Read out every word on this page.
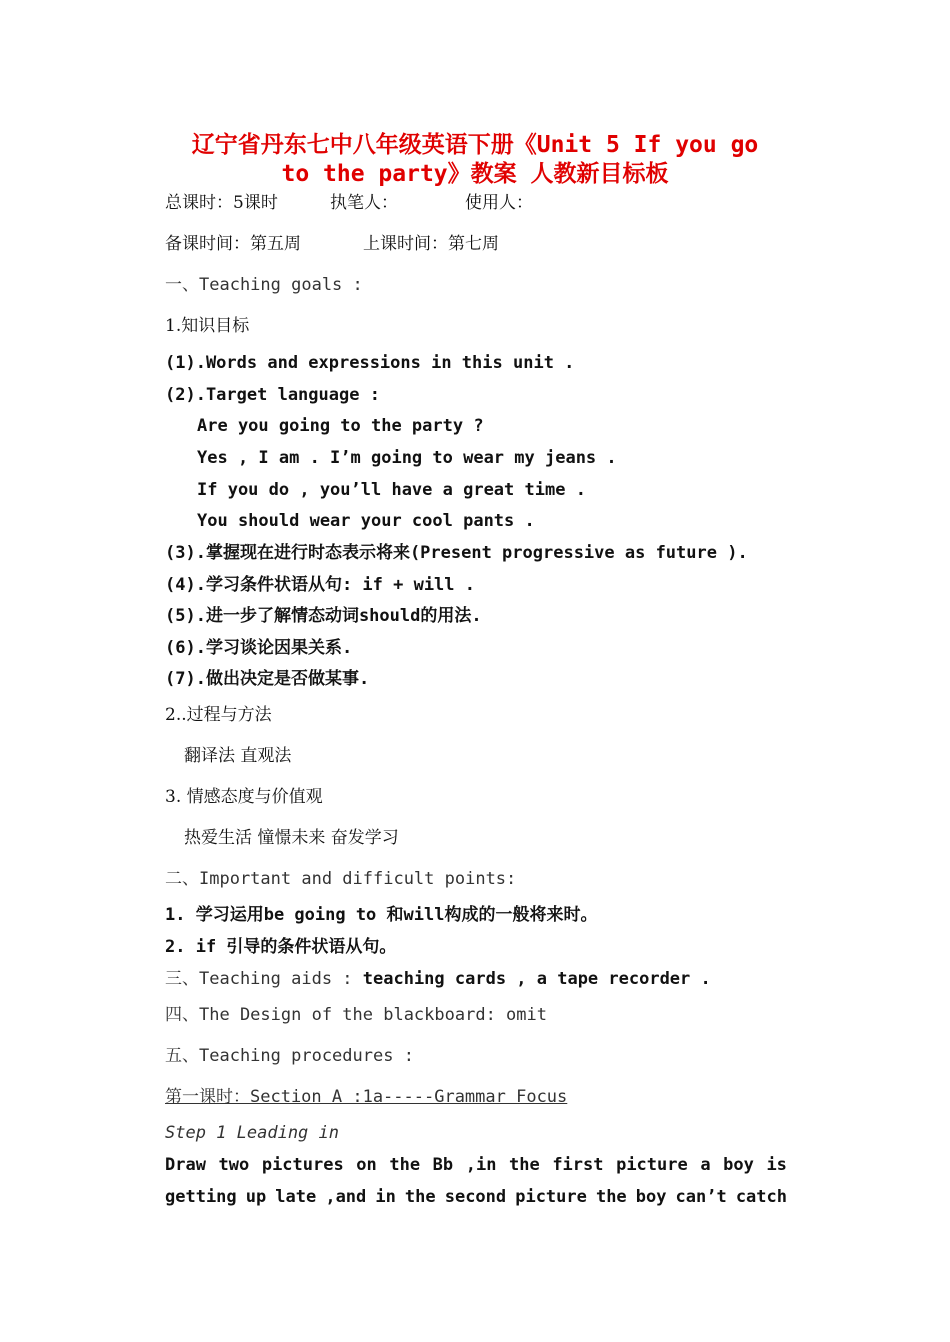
辽宁省丹东七中八年级英语下册《Unit 5 If you go
to the party》教案 人教新目标板
总课时：5课时	执笔人：	使用人：
备课时间：第五周	上课时间：第七周
一、Teaching goals :
1.知识目标
(1).Words and expressions in this unit .
(2).Target language :
Are you going to the party ?
Yes , I am . I’m going to wear my jeans .
If you do , you’ll have a great time .
You should wear your cool pants .
(3).掌握现在进行时态表示将来(Present progressive as future ).
(4).学习条件状语从句: if + will .
(5).进一步了解情态动词should的用法.
(6).学习谈论因果关系.
(7).做出决定是否做某事.
2..过程与方法
翻译法 直观法
3. 情感态度与价值观
热爱生活 憧憬未来 奋发学习
二、Important and difficult points:
1. 学习运用be going to 和will构成的一般将来时。
2. if 引导的条件状语从句。
三、Teaching aids : teaching cards , a tape recorder .
四、The Design of the blackboard: omit
五、Teaching procedures :
第一课时：Section A :1a-----Grammar Focus
Step 1 Leading in
Draw two pictures on the Bb ,in the first picture a boy is
getting up late ,and in the second picture the boy can’t catch
